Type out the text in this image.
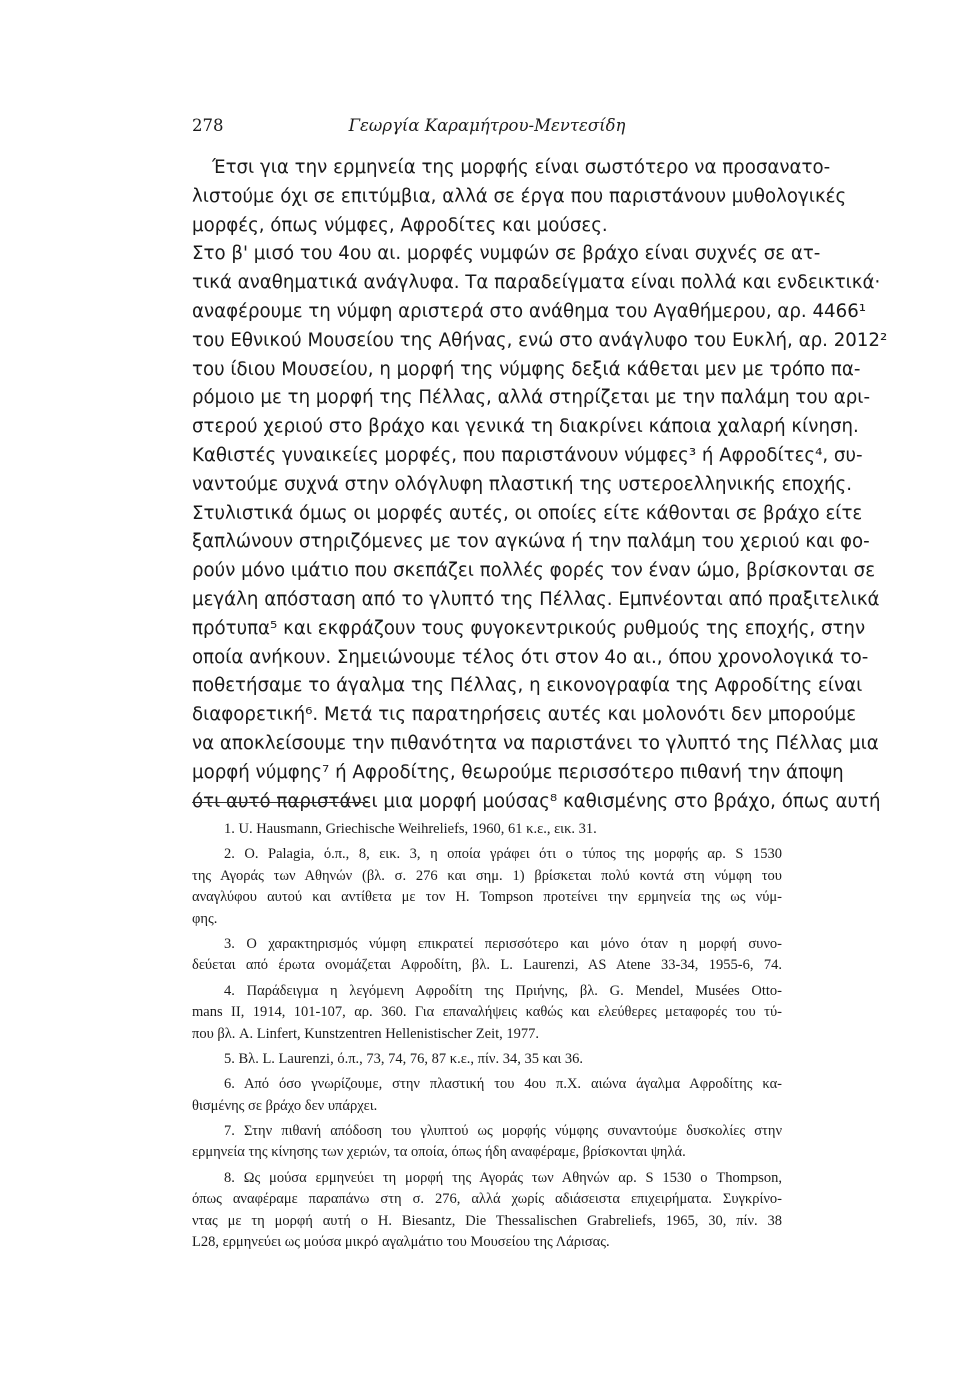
278	Γεωργία Καραμήτρου-Μεντεσίδη
Έτσι για την ερμηνεία της μορφής είναι σωστότερο να προσανατο-
λιστούμε όχι σε επιτύμβια, αλλά σε έργα που παριστάνουν μυθολογικές
μορφές, όπως νύμφες, Αφροδίτες και μούσες.
Στο β' μισό του 4ου αι. μορφές νυμφών σε βράχο είναι συχνές σε ατ-
τικά αναθηματικά ανάγλυφα. Τα παραδείγματα είναι πολλά και ενδεικτικά·
αναφέρουμε τη νύμφη αριστερά στο ανάθημα του Αγαθήμερου, αρ. 4466¹
του Εθνικού Μουσείου της Αθήνας, ενώ στο ανάγλυφο του Ευκλή, αρ. 2012²
του ίδιου Μουσείου, η μορφή της νύμφης δεξιά κάθεται μεν με τρόπο πα-
ρόμοιο με τη μορφή της Πέλλας, αλλά στηρίζεται με την παλάμη του αρι-
στερού χεριού στο βράχο και γενικά τη διακρίνει κάποια χαλαρή κίνηση.
Καθιστές γυναικείες μορφές, που παριστάνουν νύμφες³ ή Αφροδίτες⁴, συ-
ναντούμε συχνά στην ολόγλυφη πλαστική της υστεροελληνικής εποχής.
Στυλιστικά όμως οι μορφές αυτές, οι οποίες είτε κάθονται σε βράχο είτε
ξαπλώνουν στηριζόμενες με τον αγκώνα ή την παλάμη του χεριού και φο-
ρούν μόνο ιμάτιο που σκεπάζει πολλές φορές τον έναν ώμο, βρίσκονται σε
μεγάλη απόσταση από το γλυπτό της Πέλλας. Εμπνέονται από πραξιτελικά
πρότυπα⁵ και εκφράζουν τους φυγοκεντρικούς ρυθμούς της εποχής, στην
οποία ανήκουν. Σημειώνουμε τέλος ότι στον 4ο αι., όπου χρονολογικά το-
ποθετήσαμε το άγαλμα της Πέλλας, η εικονογραφία της Αφροδίτης είναι
διαφορετική⁶. Μετά τις παρατηρήσεις αυτές και μολονότι δεν μπορούμε
να αποκλείσουμε την πιθανότητα να παριστάνει το γλυπτό της Πέλλας μια
μορφή νύμφης⁷ ή Αφροδίτης, θεωρούμε περισσότερο πιθανή την άποψη
ότι αυτό παριστάνει μια μορφή μούσας⁸ καθισμένης στο βράχο, όπως αυτή
1. U. Hausmann, Griechische Weihreliefs, 1960, 61 κ.ε., εικ. 31.
2. O. Palagia, ό.π., 8, εικ. 3, η οποία γράφει ότι ο τύπος της μορφής αρ. S 1530
της Αγοράς των Αθηνών (βλ. σ. 276 και σημ. 1) βρίσκεται πολύ κοντά στη νύμφη του
αναγλύφου αυτού και αντίθετα με τον H. Tompson προτείνει την ερμηνεία της ως νύμ-
φης.
3. Ο χαρακτηρισμός νύμφη επικρατεί περισσότερο και μόνο όταν η μορφή συνο-
δεύεται από έρωτα ονομάζεται Αφροδίτη, βλ. L. Laurenzi, AS Atene 33-34, 1955-6, 74.
4. Παράδειγμα η λεγόμενη Αφροδίτη της Πριήνης, βλ. G. Mendel, Musées Otto-
mans II, 1914, 101-107, αρ. 360. Για επαναλήψεις καθώς και ελεύθερες μεταφορές του τύ-
που βλ. A. Linfert, Kunstzentren Hellenistischer Zeit, 1977.
5. Βλ. L. Laurenzi, ό.π., 73, 74, 76, 87 κ.ε., πίν. 34, 35 και 36.
6. Από όσο γνωρίζουμε, στην πλαστική του 4ου π.Χ. αιώνα άγαλμα Αφροδίτης κα-
θισμένης σε βράχο δεν υπάρχει.
7. Στην πιθανή απόδοση του γλυπτού ως μορφής νύμφης συναντούμε δυσκολίες στην
ερμηνεία της κίνησης των χεριών, τα οποία, όπως ήδη αναφέραμε, βρίσκονται ψηλά.
8. Ως μούσα ερμηνεύει τη μορφή της Αγοράς των Αθηνών αρ. S 1530 ο Thompson,
όπως αναφέραμε παραπάνω στη σ. 276, αλλά χωρίς αδιάσειστα επιχειρήματα. Συγκρίνο-
ντας με τη μορφή αυτή ο H. Biesantz, Die Thessalischen Grabreliefs, 1965, 30, πίν. 38
L28, ερμηνεύει ως μούσα μικρό αγαλμάτιο του Μουσείου της Λάρισας.
